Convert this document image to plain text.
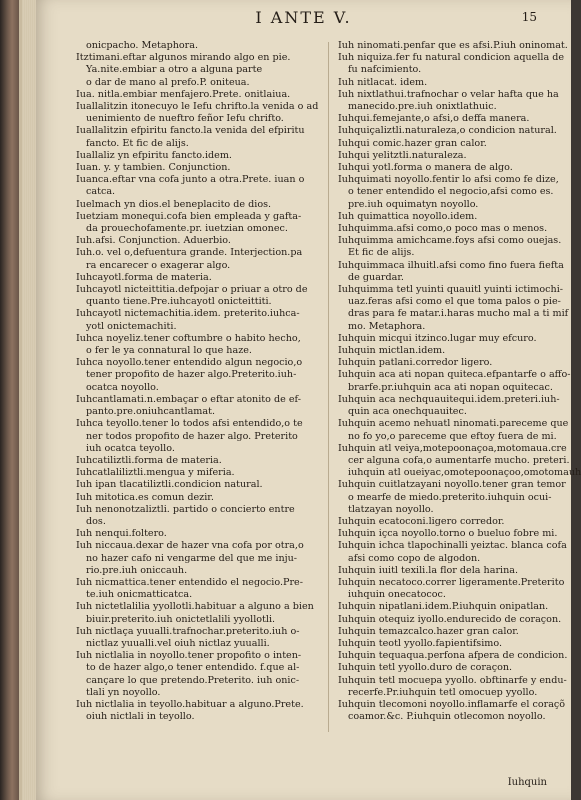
I ANTE V.	15
onicpacho. Metaphora.
Itztimani.eftar algunos mirando algo en pie.
Ya.nite.embiar a otro a alguna parte
o dar de mano al prefo.P. oniteua.
Iua. nitla.embiar menfajero.Prete. onitlaiua.
Iuallalitzin itonecuyo le Iefu chrifto.la venida o ad
uenimiento de nueftro feñor Iefu chrifto.
Iuallalitzin efpiritu fancto.la venida del efpiritu
fancto. Et fic de alijs.
Iuallaliz yn efpiritu fancto.idem.
Iuan. y. y tambien. Conjunction.
Iuanca.eftar vna cofa junto a otra.Prete. iuan o
catca.
Iuelmach yn dios.el beneplacito de dios.
Iuetziam monequi.cofa bien empleada y gafta-
da prouechofamente.pr. iuetzian omonec.
Iuh.afsi. Conjunction. Aduerbio.
Iuh.o. vel o,defuentura grande. Interjection.pa
ra encarecer o exagerar algo.
Iuhcayotl.forma de materia.
Iuhcayotl nicteittitia.defpojar o priuar a otro de
quanto tiene.Pre.iuhcayotl onicteittiti.
Iuhcayotl nictemachitia.idem. preterito.iuhca-
yotl onictemachiti.
Iuhca noyeliz.tener coftumbre o habito hecho,
o fer le ya connatural lo que haze.
Iuhca noyollo.tener entendido algun negocio,o
tener propofito de hazer algo.Preterito.iuh-
ocatca noyollo.
Iuhcantlamati.n.embaçar o eftar atonito de ef-
panto.pre.oniuhcantlamat.
Iuhca teyollo.tener lo todos afsi entendido,o te
ner todos propofito de hazer algo. Preterito
iuh ocatca teyollo.
Iuhcatiliztli.forma de materia.
Iuhcatlaliliztli.mengua y miferia.
Iuh ipan tlacatiliztli.condicion natural.
Iuh mitotica.es comun dezir.
Iuh nenonotzaliztli. partido o concierto entre
dos.
Iuh nenqui.foltero.
Iuh niccaua.dexar de hazer vna cofa por otra,o
no hazer cafo ni vengarme del que me inju-
rio.pre.iuh oniccauh.
Iuh nicmattica.tener entendido el negocio.Pre-
te.iuh onicmatticatca.
Iuh nictetlalilia yyollotli.habituar a alguno a bien
biuir.preterito.iuh onictetlalili yyollotli.
Iuh nictlaça yuualli.trafnochar.preterito.iuh o-
nictlaz yuualli.vel oiuh nictlaz yuualli.
Iuh nictlalia in noyollo.tener propofito o inten-
to de hazer algo,o tener entendido. f.que al-
cançare lo que pretendo.Preterito. iuh onic-
tlali yn noyollo.
Iuh nictlalia in teyollo.habituar a alguno.Prete.
oiuh nictlali in teyollo.
Iuh ninomati.penfar que es afsi.P.iuh oninomat.
Iuh niquiza.fer fu natural condicion aquella de
fu nafcimiento.
Iuh nitlacat. idem.
Iuh nixtlathui.trafnochar o velar hafta que ha
manecido.pre.iuh onixtlathuic.
Iuhqui.femejante,o afsi,o deffa manera.
Iuhquiçaliztli.naturaleza,o condicion natural.
Iuhqui comic.hazer gran calor.
Iuhqui yelitztli.naturaleza.
Iuhqui yotl.forma o manera de algo.
Iuhquimati noyollo.fentir lo afsi como fe dize,
o tener entendido el negocio,afsi como es.
pre.iuh oquimatyn noyollo.
Iuh quimattica noyollo.idem.
Iuhquimma.afsi como,o poco mas o menos.
Iuhquimma amichcame.foys afsi como ouejas.
Et fic de alijs.
Iuhquimmaca ilhuitl.afsi como fino fuera fiefta
de guardar.
Iuhquimma tetl yuinti quauitl yuinti ictimochi-
uaz.feras afsi como el que toma palos o pie-
dras para fe matar.i.haras mucho mal a ti mif
mo. Metaphora.
Iuhquin micqui itzinco.lugar muy efcuro.
Iuhquin mictlan.idem.
Iuhquin patlani.corredor ligero.
Iuhquin aca ati nopan quiteca.efpantarfe o affo-
brarfe.pr.iuhquin aca ati nopan oquitecac.
Iuhquin aca nechquauitequi.idem.preteri.iuh-
quin aca onechquauitec.
Iuhquin acemo nehuatl ninomati.pareceme que
no fo yo,o pareceme que eftoy fuera de mi.
Iuhquin atl veiya,motepoonaçoa,motomaua.cre
cer alguna cofa,o aumentarfe mucho. preteri.
iuhquin atl oueiyac,omotepoonaçoo,omotomauh
Iuhquin cuitlatzayani noyollo.tener gran temor
o mearfe de miedo.preterito.iuhquin ocui-
tlatzayan noyollo.
Iuhquin ecatoconi.ligero corredor.
Iuhquin içca noyollo.torno o bueluo fobre mi.
Iuhquin ichca tlapochinalli yeiztac. blanca cofa
afsi como copo de algodon.
Iuhquin iuitl texili.la flor dela harina.
Iuhquin necatoco.correr ligeramente.Preterito
iuhquin onecatococ.
Iuhquin nipatlani.idem.P.iuhquin onipatlan.
Iuhquin otequiz iyollo.endurecido de coraçon.
Iuhquin temazcalco.hazer gran calor.
Iuhquin teotl yyollo.fapientifsimo.
Iuhquin tequaqua.perfona afpera de condicion.
Iuhquin tetl yyollo.duro de coraçon.
Iuhquin tetl mocuepa yyollo. obftinarfe y endu-
recerfe.Pr.iuhquin tetl omocuep yyollo.
Iuhquin tlecomoni noyollo.inflamarfe el coraçõ
coamor.&c. P.iuhquin otlecomon noyollo.
Iuhquin
